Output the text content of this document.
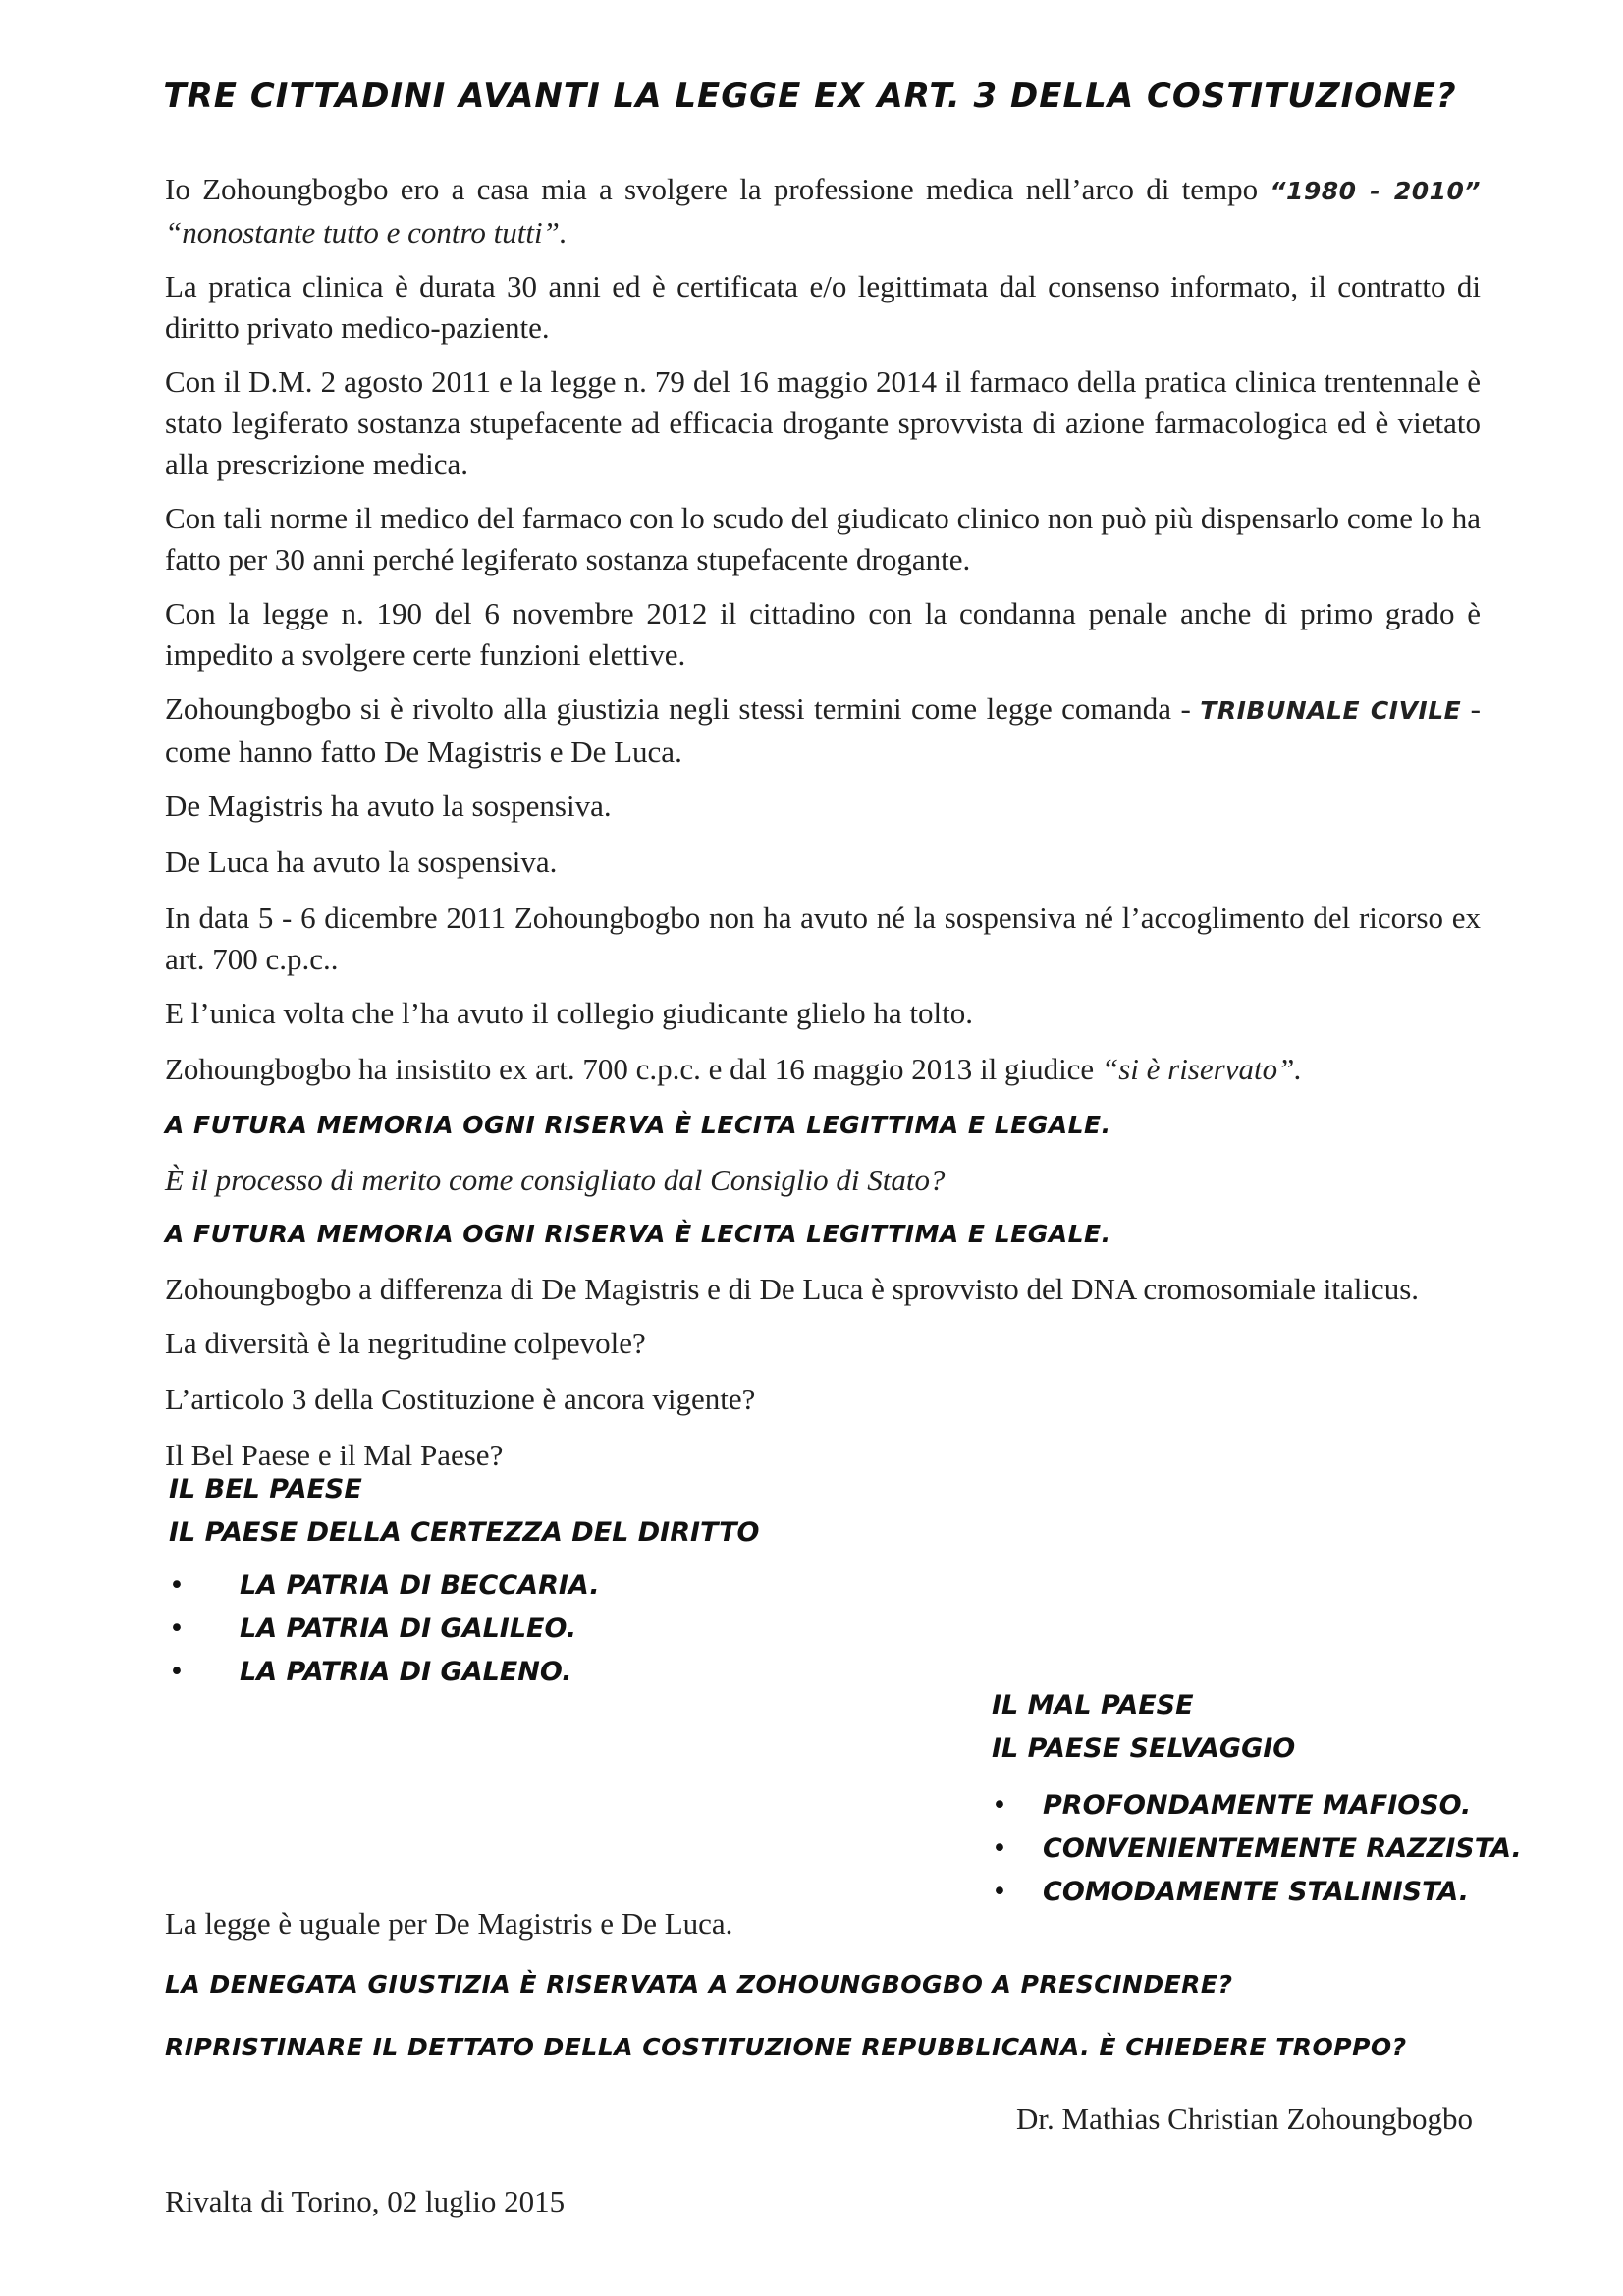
TRE CITTADINI AVANTI LA LEGGE EX ART. 3 DELLA COSTITUZIONE?

Io Zohoungbogbo ero a casa mia a svolgere la professione medica nell’arco di tempo “1980 - 2010” “nonostante tutto e contro tutti”.

La pratica clinica è durata 30 anni ed è certificata e/o legittimata dal consenso informato, il contratto di diritto privato medico-paziente.

Con il D.M. 2 agosto 2011 e la legge n. 79 del 16 maggio 2014 il farmaco della pratica clinica trentennale è stato legiferato sostanza stupefacente ad efficacia drogante sprovvista di azione farmacologica ed è vietato alla prescrizione medica.

Con tali norme il medico del farmaco con lo scudo del giudicato clinico non può più dispensarlo come lo ha fatto per 30 anni perché legiferato sostanza stupefacente drogante.

Con la legge n. 190 del 6 novembre 2012 il cittadino con la condanna penale anche di primo grado è impedito a svolgere certe funzioni elettive.

Zohoungbogbo si è rivolto alla giustizia negli stessi termini come legge comanda - TRIBUNALE CIVILE - come hanno fatto De Magistris e De Luca.

De Magistris ha avuto la sospensiva.

De Luca ha avuto la sospensiva.

In data 5 - 6 dicembre 2011 Zohoungbogbo non ha avuto né la sospensiva né l’accoglimento del ricorso ex art. 700 c.p.c..

E l’unica volta che l’ha avuto il collegio giudicante glielo ha tolto.

Zohoungbogbo ha insistito ex art. 700 c.p.c. e dal 16 maggio 2013 il giudice “si è riservato”.

A FUTURA MEMORIA OGNI RISERVA È LECITA LEGITTIMA E LEGALE.

È il processo di merito come consigliato dal Consiglio di Stato?

A FUTURA MEMORIA OGNI RISERVA È LECITA LEGITTIMA E LEGALE.

Zohoungbogbo a differenza di De Magistris e di De Luca è sprovvisto del DNA cromosomiale italicus.

La diversità è la negritudine colpevole?

L’articolo 3 della Costituzione è ancora vigente?

Il Bel Paese e il Mal Paese?

IL BEL PAESE
IL PAESE DELLA CERTEZZA DEL DIRITTO
• LA PATRIA DI BECCARIA.
• LA PATRIA DI GALILEO.
• LA PATRIA DI GALENO.
IL MAL PAESE
IL PAESE SELVAGGIO
• PROFONDAMENTE MAFIOSO.
• CONVENIENTEMENTE RAZZISTA.
• COMODAMENTE STALINISTA.

La legge è uguale per De Magistris e De Luca.

LA DENEGATA GIUSTIZIA È RISERVATA A ZOHOUNGBOGBO A PRESCINDERE?

RIPRISTINARE IL DETTATO DELLA COSTITUZIONE REPUBBLICANA. È CHIEDERE TROPPO?

Dr. Mathias Christian Zohoungbogbo
Rivalta di Torino, 02 luglio 2015
